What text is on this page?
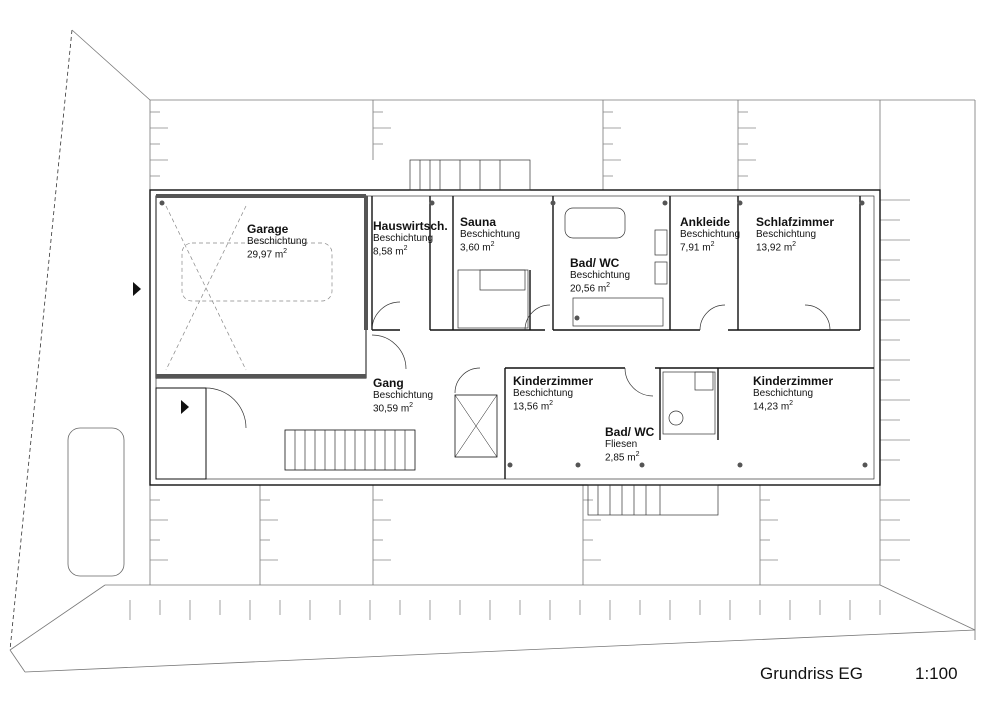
Garage
Beschichtung
29,97 $m^2$
Hauswirtsch.
Beschichtung
8,58 $m^2$
Sauna
Beschichtung
3,60 $m^2$
Bad/ WC
Beschichtung
20,56 $m^2$
Ankleide
Beschichtung
7,91 $m^2$
Schlafzimmer
Beschichtung
13,92 $m^2$
Gang
Beschichtung
30,59 $m^2$
Kinderzimmer
Beschichtung
13,56 $m^2$
Bad/ WC
Fliesen
2,85 $m^2$
Kinderzimmer
Beschichtung
14,23 $m^2$
Grundriss EG	1:100
